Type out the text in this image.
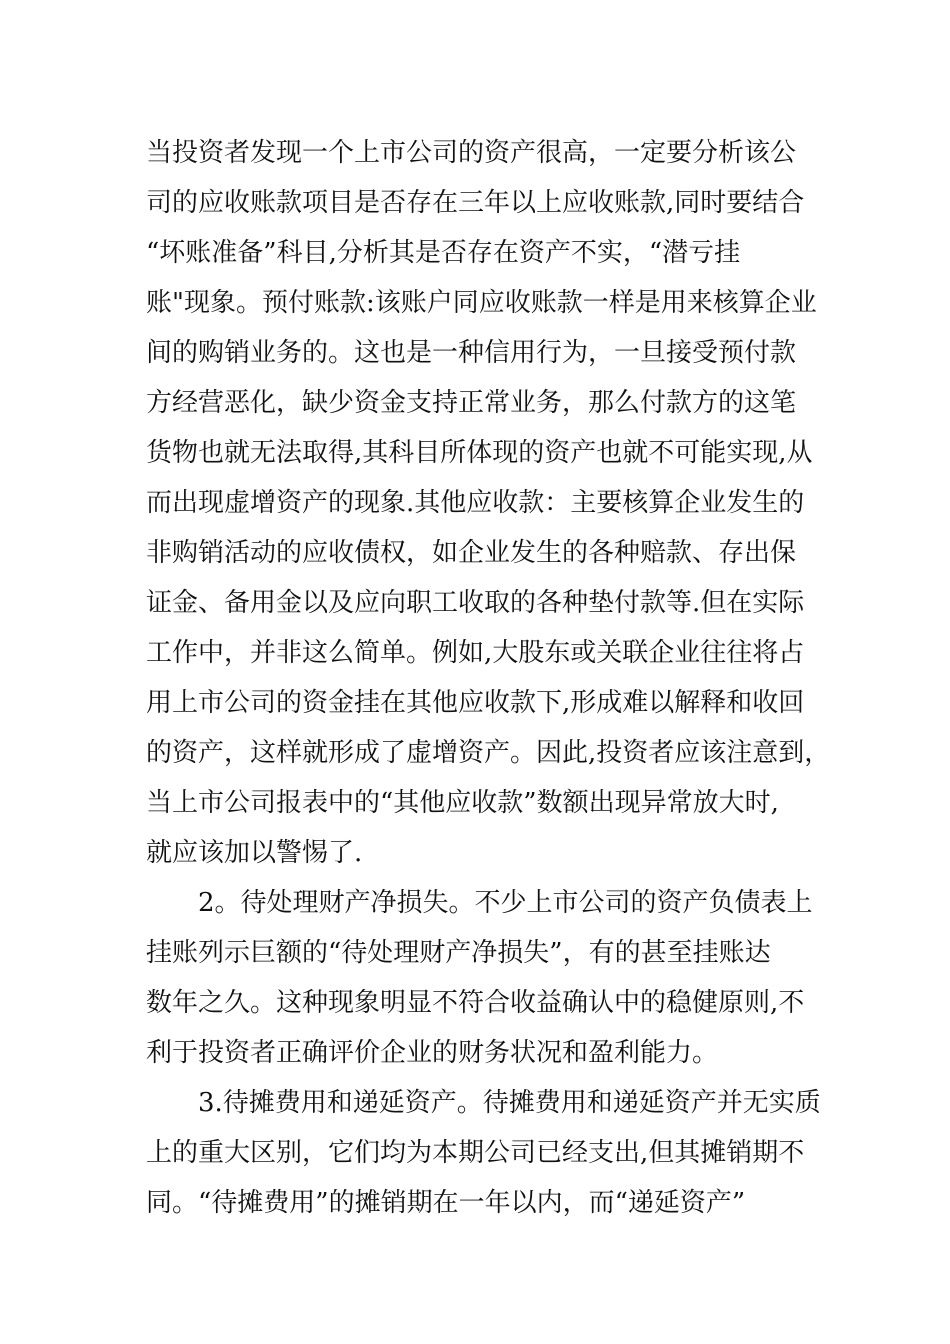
当投资者发现一个上市公司的资产很高，一定要分析该公
司的应收账款项目是否存在三年以上应收账款,同时要结合
“坏账准备”科目,分析其是否存在资产不实，“潜亏挂
账"现象。预付账款:该账户同应收账款一样是用来核算企业
间的购销业务的。这也是一种信用行为，一旦接受预付款
方经营恶化，缺少资金支持正常业务，那么付款方的这笔
货物也就无法取得,其科目所体现的资产也就不可能实现,从
而出现虚增资产的现象.其他应收款：主要核算企业发生的
非购销活动的应收债权，如企业发生的各种赔款、存出保
证金、备用金以及应向职工收取的各种垫付款等.但在实际
工作中，并非这么简单。例如,大股东或关联企业往往将占
用上市公司的资金挂在其他应收款下,形成难以解释和收回
的资产，这样就形成了虚增资产。因此,投资者应该注意到，
当上市公司报表中的“其他应收款”数额出现异常放大时,
就应该加以警惕了.
2。待处理财产净损失。不少上市公司的资产负债表上
挂账列示巨额的“待处理财产净损失”，有的甚至挂账达
数年之久。这种现象明显不符合收益确认中的稳健原则,不
利于投资者正确评价企业的财务状况和盈利能力。
3.待摊费用和递延资产。待摊费用和递延资产并无实质
上的重大区别，它们均为本期公司已经支出,但其摊销期不
同。“待摊费用”的摊销期在一年以内，而“递延资产”
